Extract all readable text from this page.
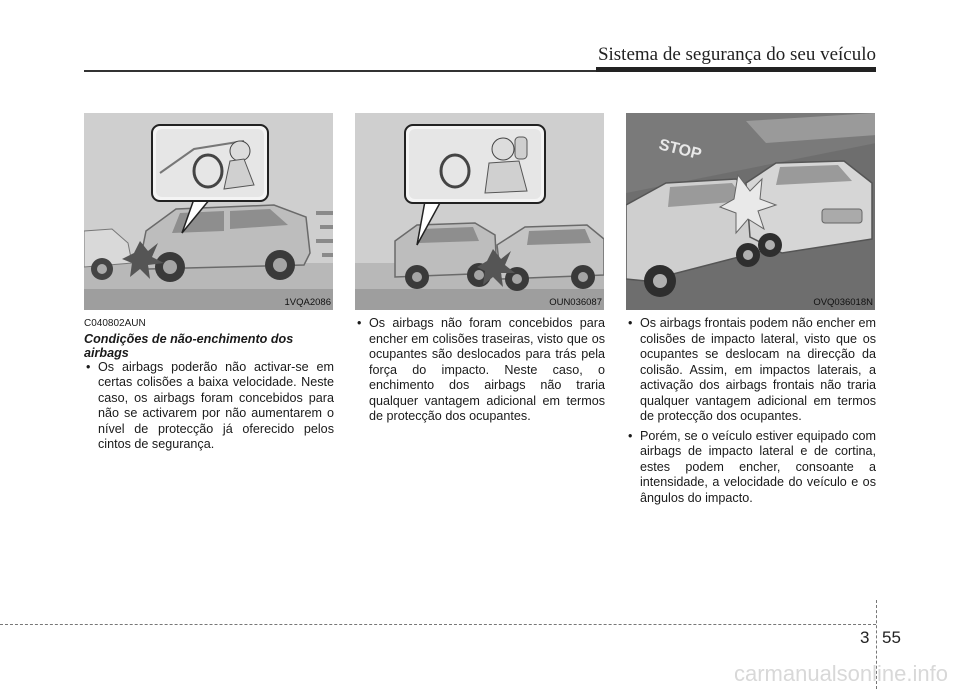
Sistema de segurança do seu veículo
1VQA2086	OUN036087
STOP
OVQ036018N

C040802AUN

Condições de não-enchimento dos airbags

• Os airbags poderão não activar-se em certas colisões a baixa velocidade. Neste caso, os airbags foram concebidos para não se activarem por não aumentarem o nível de protecção já oferecido pelos cintos de segurança.

• Os airbags não foram concebidos para encher em colisões traseiras, visto que os ocupantes são deslocados para trás pela força do impacto. Neste caso, o enchimento dos airbags não traria qualquer vantagem adicional em termos de protecção dos ocupantes.

• Os airbags frontais podem não encher em colisões de impacto lateral, visto que os ocupantes se deslocam na direcção da colisão. Assim, em impactos laterais, a activação dos airbags frontais não traria qualquer vantagem adicional em termos de protecção dos ocupantes.

• Porém, se o veículo estiver equipado com airbags de impacto lateral e de cortina, estes podem encher, consoante a intensidade, a velocidade do veículo e os ângulos do impacto.

3 55
carmanualsonline.info
